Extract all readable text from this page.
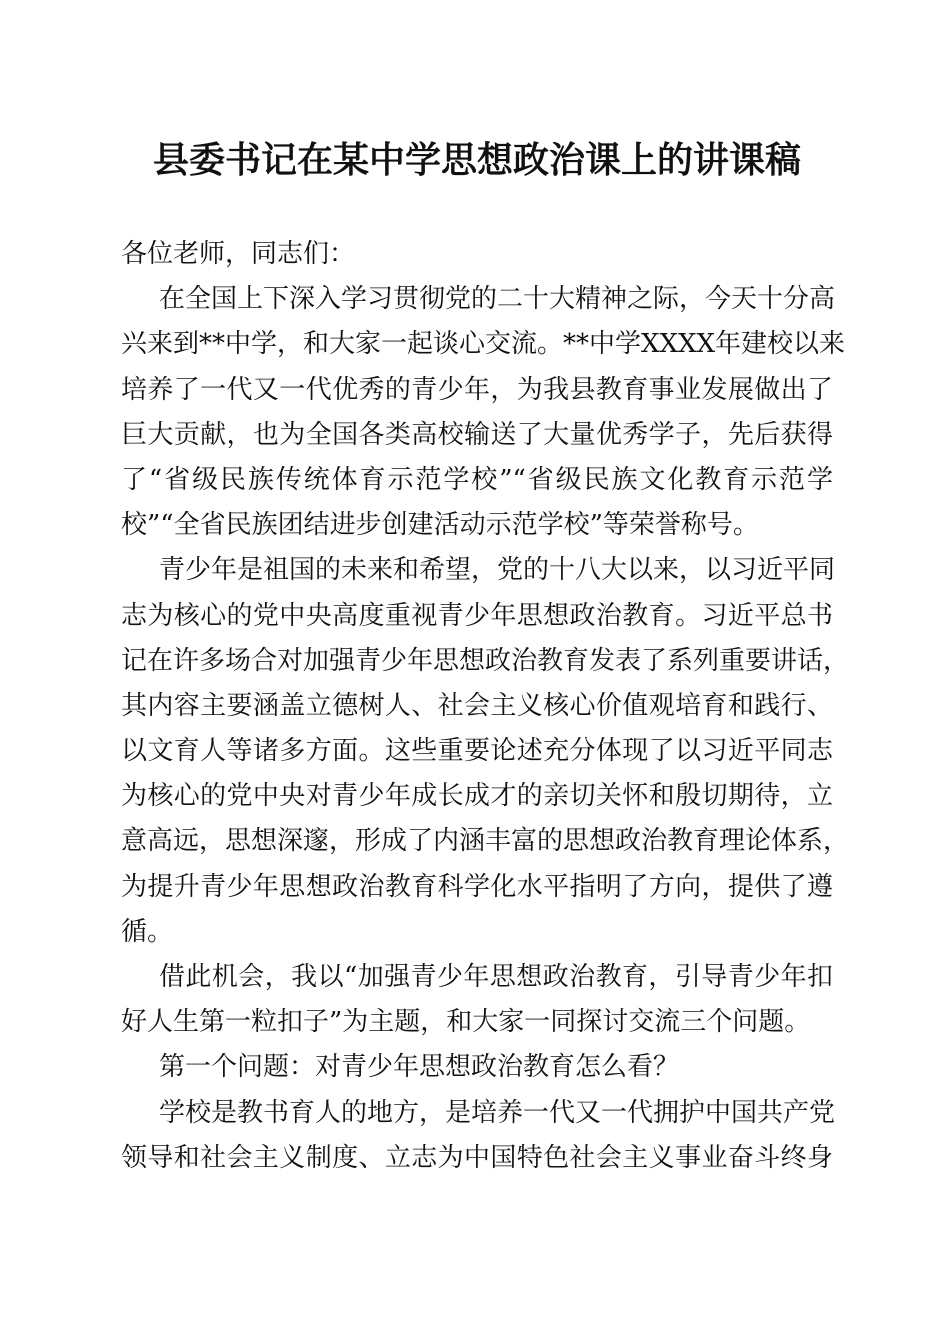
县委书记在某中学思想政治课上的讲课稿
各位老师，同志们：
在全国上下深入学习贯彻党的二十大精神之际，今天十分高
兴来到**中学，和大家一起谈心交流。**中学XXXX年建校以来
培养了一代又一代优秀的青少年，为我县教育事业发展做出了
巨大贡献，也为全国各类高校输送了大量优秀学子，先后获得
了“省级民族传统体育示范学校”“省级民族文化教育示范学
校”“全省民族团结进步创建活动示范学校”等荣誉称号。
青少年是祖国的未来和希望，党的十八大以来，以习近平同
志为核心的党中央高度重视青少年思想政治教育。习近平总书
记在许多场合对加强青少年思想政治教育发表了系列重要讲话，
其内容主要涵盖立德树人、社会主义核心价值观培育和践行、
以文育人等诸多方面。这些重要论述充分体现了以习近平同志
为核心的党中央对青少年成长成才的亲切关怀和殷切期待，立
意高远，思想深邃，形成了内涵丰富的思想政治教育理论体系，
为提升青少年思想政治教育科学化水平指明了方向，提供了遵
循。
借此机会，我以“加强青少年思想政治教育，引导青少年扣
好人生第一粒扣子”为主题，和大家一同探讨交流三个问题。
第一个问题：对青少年思想政治教育怎么看？
学校是教书育人的地方，是培养一代又一代拥护中国共产党
领导和社会主义制度、立志为中国特色社会主义事业奋斗终身
